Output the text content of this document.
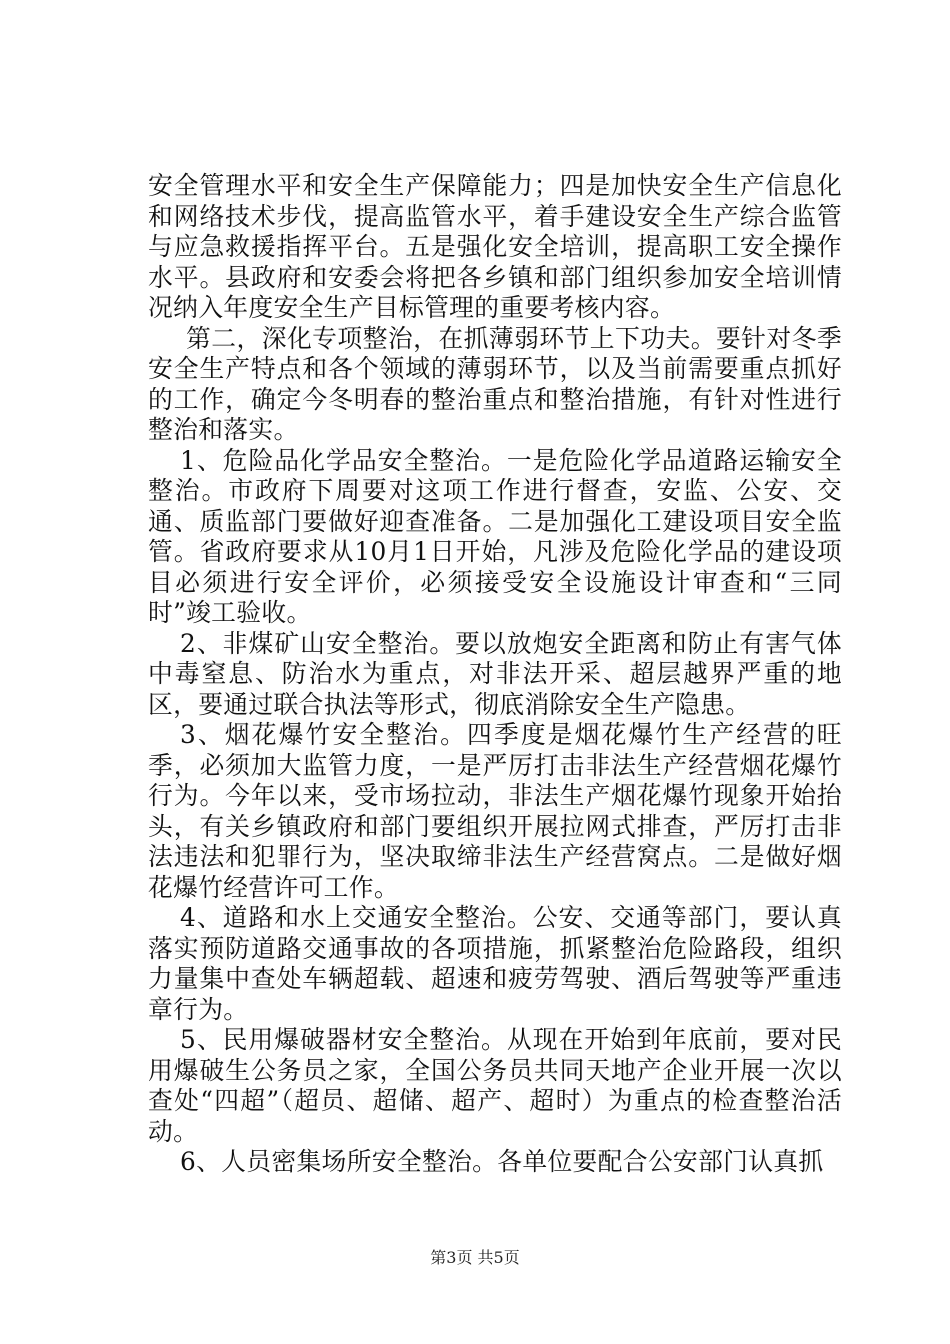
安全管理水平和安全生产保障能力；四是加快安全生产信息化和网络技术步伐，提高监管水平，着手建设安全生产综合监管与应急救援指挥平台。五是强化安全培训，提高职工安全操作水平。县政府和安委会将把各乡镇和部门组织参加安全培训情况纳入年度安全生产目标管理的重要考核内容。

第二，深化专项整治，在抓薄弱环节上下功夫。要针对冬季安全生产特点和各个领域的薄弱环节，以及当前需要重点抓好的工作，确定今冬明春的整治重点和整治措施，有针对性进行整治和落实。

1、危险品化学品安全整治。一是危险化学品道路运输安全整治。市政府下周要对这项工作进行督查，安监、公安、交通、质监部门要做好迎查准备。二是加强化工建设项目安全监管。省政府要求从10月1日开始，凡涉及危险化学品的建设项目必须进行安全评价，必须接受安全设施设计审查和“三同时”竣工验收。

2、非煤矿山安全整治。要以放炮安全距离和防止有害气体中毒窒息、防治水为重点，对非法开采、超层越界严重的地区，要通过联合执法等形式，彻底消除安全生产隐患。

3、烟花爆竹安全整治。四季度是烟花爆竹生产经营的旺季，必须加大监管力度，一是严厉打击非法生产经营烟花爆竹行为。今年以来，受市场拉动，非法生产烟花爆竹现象开始抬头，有关乡镇政府和部门要组织开展拉网式排查，严厉打击非法违法和犯罪行为，坚决取缔非法生产经营窝点。二是做好烟花爆竹经营许可工作。

4、道路和水上交通安全整治。公安、交通等部门，要认真落实预防道路交通事故的各项措施，抓紧整治危险路段，组织力量集中查处车辆超载、超速和疲劳驾驶、酒后驾驶等严重违章行为。

5、民用爆破器材安全整治。从现在开始到年底前，要对民用爆破生公务员之家，全国公务员共同天地产企业开展一次以查处“四超”（超员、超储、超产、超时）为重点的检查整治活动。

6、人员密集场所安全整治。各单位要配合公安部门认真抓

第3页 共5页
